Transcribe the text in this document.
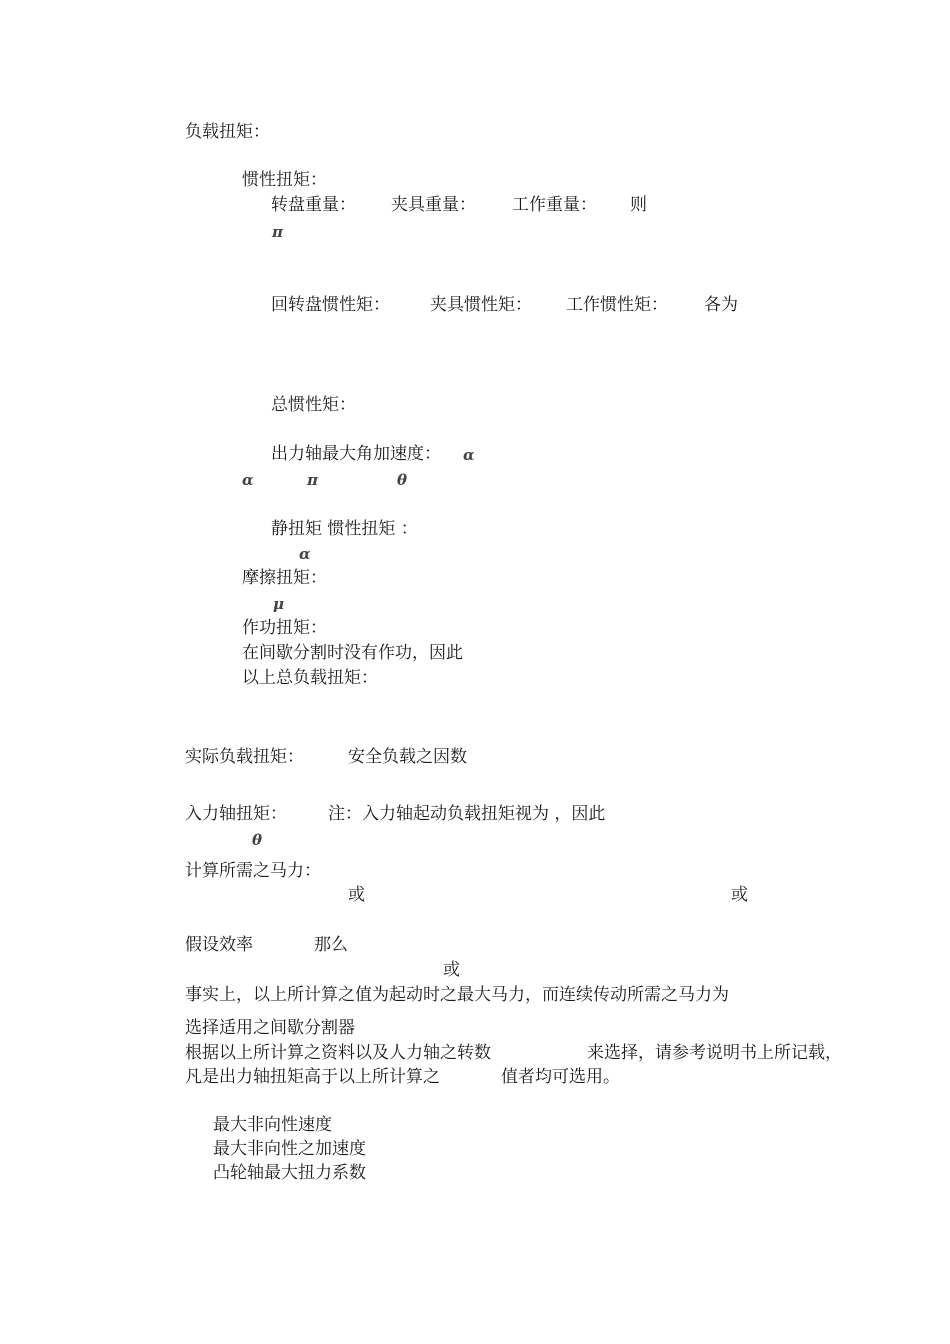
负载扭矩：
惯性扭矩：
转盘重量： 夹具重量： 工作重量： 则
π
回转盘惯性矩： 夹具惯性矩： 工作惯性矩： 各为
总惯性矩：
出力轴最大角加速度： α
α	π	θ
静扭矩 惯性扭矩 ：
α
摩擦扭矩：
μ
作功扭矩：
在间歇分割时没有作功，因此
以上总负载扭矩：
实际负载扭矩：	安全负载之因数
入力轴扭矩： 注：入力轴起动负载扭矩视为 ，因此
θ
计算所需之马力：
或	或
假设效率	那么
或
事实上，以上所计算之值为起动时之最大马力，而连续传动所需之马力为
选择适用之间歇分割器
根据以上所计算之资料以及人力轴之转数	来选择，请参考说明书上所记载，
凡是出力轴扭矩高于以上所计算之	值者均可选用。
最大非向性速度
最大非向性之加速度
凸轮轴最大扭力系数
